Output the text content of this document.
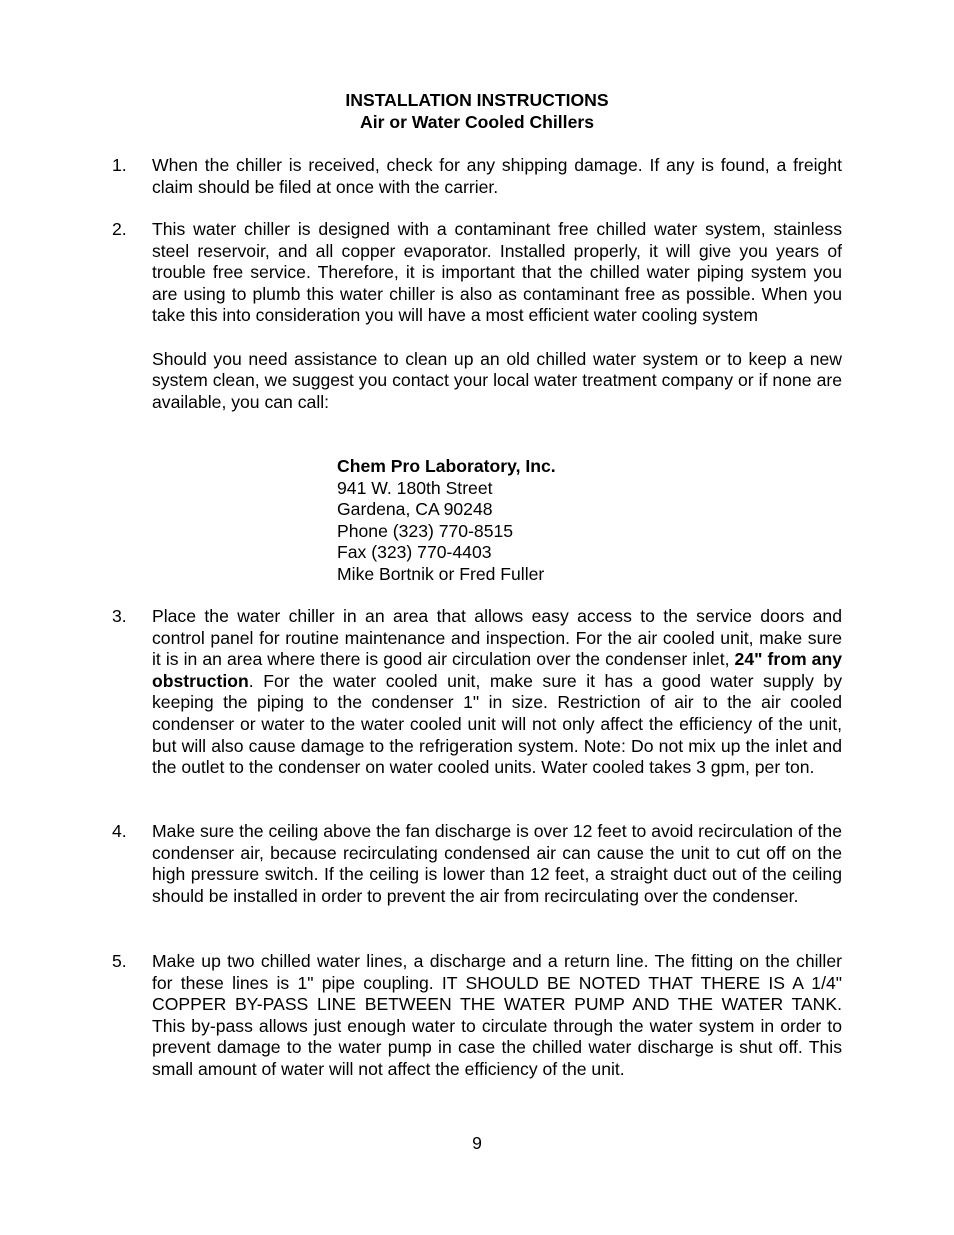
INSTALLATION INSTRUCTIONS
Air or Water Cooled Chillers
1.	When the chiller is received, check for any shipping damage. If any is found, a freight claim should be filed at once with the carrier.

2.	This water chiller is designed with a contaminant free chilled water system, stainless steel reservoir, and all copper evaporator. Installed properly, it will give you years of trouble free service. Therefore, it is important that the chilled water piping system you are using to plumb this water chiller is also as contaminant free as possible. When you take this into consideration you will have a most efficient water cooling system

Should you need assistance to clean up an old chilled water system or to keep a new system clean, we suggest you contact your local water treatment company or if none are available, you can call:

Chem Pro Laboratory, Inc.
941 W. 180th Street
Gardena, CA 90248
Phone (323) 770-8515
Fax (323) 770-4403
Mike Bortnik or Fred Fuller
3.	Place the water chiller in an area that allows easy access to the service doors and control panel for routine maintenance and inspection. For the air cooled unit, make sure it is in an area where there is good air circulation over the condenser inlet, 24" from any obstruction. For the water cooled unit, make sure it has a good water supply by keeping the piping to the condenser 1" in size. Restriction of air to the air cooled condenser or water to the water cooled unit will not only affect the efficiency of the unit, but will also cause damage to the refrigeration system. Note: Do not mix up the inlet and the outlet to the condenser on water cooled units. Water cooled takes 3 gpm, per ton.

4.	Make sure the ceiling above the fan discharge is over 12 feet to avoid recirculation of the condenser air, because recirculating condensed air can cause the unit to cut off on the high pressure switch. If the ceiling is lower than 12 feet, a straight duct out of the ceiling should be installed in order to prevent the air from recirculating over the condenser.

5.	Make up two chilled water lines, a discharge and a return line. The fitting on the chiller for these lines is 1" pipe coupling. IT SHOULD BE NOTED THAT THERE IS A 1/4" COPPER BY-PASS LINE BETWEEN THE WATER PUMP AND THE WATER TANK. This by-pass allows just enough water to circulate through the water system in order to prevent damage to the water pump in case the chilled water discharge is shut off. This small amount of water will not affect the efficiency of the unit.

9
